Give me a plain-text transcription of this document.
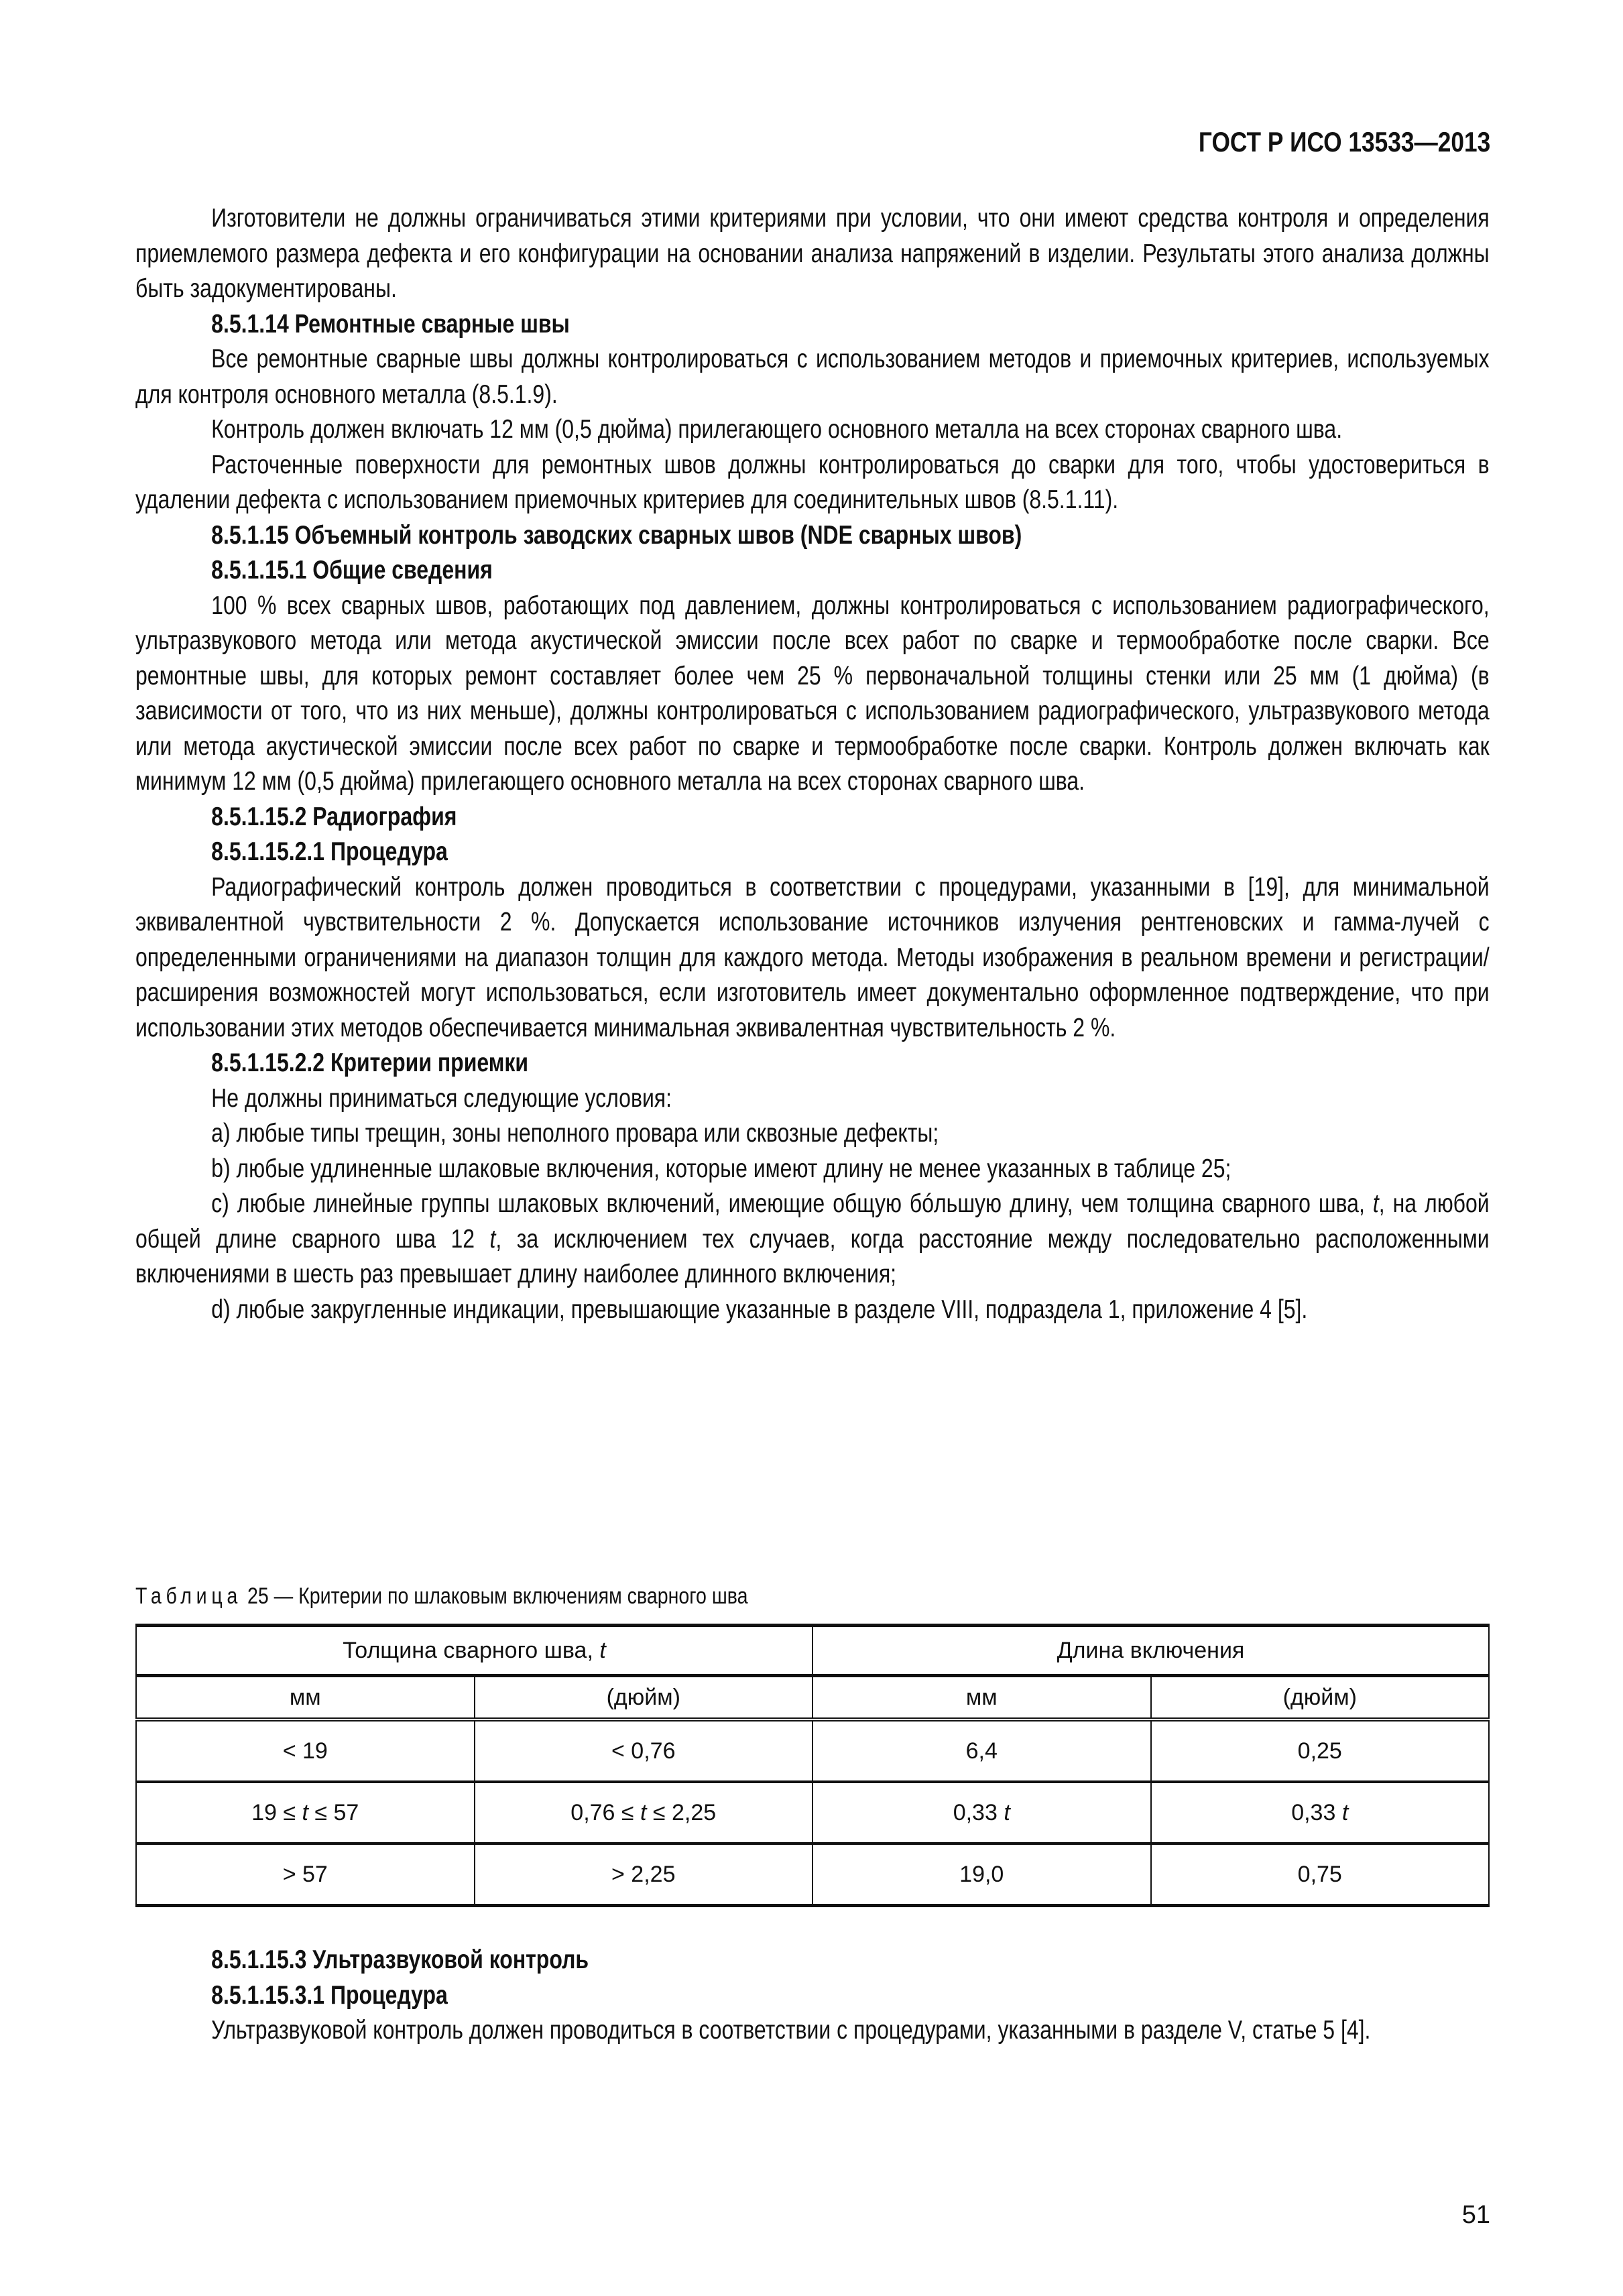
ГОСТ Р ИСО 13533—2013

Изготовители не должны ограничиваться этими критериями при условии, что они имеют средства контроля и определения приемлемого размера дефекта и его конфигурации на основании анализа напряжений в изделии. Результаты этого анализа должны быть задокументированы.

8.5.1.14 Ремонтные сварные швы

Все ремонтные сварные швы должны контролироваться с использованием методов и приемочных критериев, используемых для контроля основного металла (8.5.1.9).

Контроль должен включать 12 мм (0,5 дюйма) прилегающего основного металла на всех сторонах сварного шва.

Расточенные поверхности для ремонтных швов должны контролироваться до сварки для того, чтобы удостовериться в удалении дефекта с использованием приемочных критериев для соединительных швов (8.5.1.11).

8.5.1.15 Объемный контроль заводских сварных швов (NDE сварных швов)

8.5.1.15.1 Общие сведения

100 % всех сварных швов, работающих под давлением, должны контролироваться с использованием радиографического, ультразвукового метода или метода акустической эмиссии после всех работ по сварке и термообработке после сварки. Все ремонтные швы, для которых ремонт составляет более чем 25 % первоначальной толщины стенки или 25 мм (1 дюйма) (в зависимости от того, что из них меньше), должны контролироваться с использованием радиографического, ультразвукового метода или метода акустической эмиссии после всех работ по сварке и термообработке после сварки. Контроль должен включать как минимум 12 мм (0,5 дюйма) прилегающего основного металла на всех сторонах сварного шва.

8.5.1.15.2 Радиография

8.5.1.15.2.1 Процедура

Радиографический контроль должен проводиться в соответствии с процедурами, указанными в [19], для минимальной эквивалентной чувствительности 2 %. Допускается использование источников излучения рентгеновских и гамма-лучей с определенными ограничениями на диапазон толщин для каждого метода. Методы изображения в реальном времени и регистрации/расширения возможностей могут использоваться, если изготовитель имеет документально оформленное подтверждение, что при использовании этих методов обеспечивается минимальная эквивалентная чувствительность 2 %.

8.5.1.15.2.2 Критерии приемки

Не должны приниматься следующие условия:

a) любые типы трещин, зоны неполного провара или сквозные дефекты;

b) любые удлиненные шлаковые включения, которые имеют длину не менее указанных в таблице 25;

c) любые линейные группы шлаковых включений, имеющие общую бóльшую длину, чем толщина сварного шва, t, на любой общей длине сварного шва 12 t, за исключением тех случаев, когда расстояние между последовательно расположенными включениями в шесть раз превышает длину наиболее длинного включения;

d) любые закругленные индикации, превышающие указанные в разделе VIII, подраздела 1, приложение 4 [5].

Таблица 25 — Критерии по шлаковым включениям сварного шва
Толщина сварного шва, t		Длина включения	
мм	(дюйм)	мм	(дюйм)
< 19	< 0,76	6,4	0,25
19 ≤ t ≤ 57	0,76 ≤ t ≤ 2,25	0,33 t	0,33 t
> 57	> 2,25	19,0	0,75

8.5.1.15.3 Ультразвуковой контроль

8.5.1.15.3.1 Процедура

Ультразвуковой контроль должен проводиться в соответствии с процедурами, указанными в разделе V, статье 5 [4].

51
